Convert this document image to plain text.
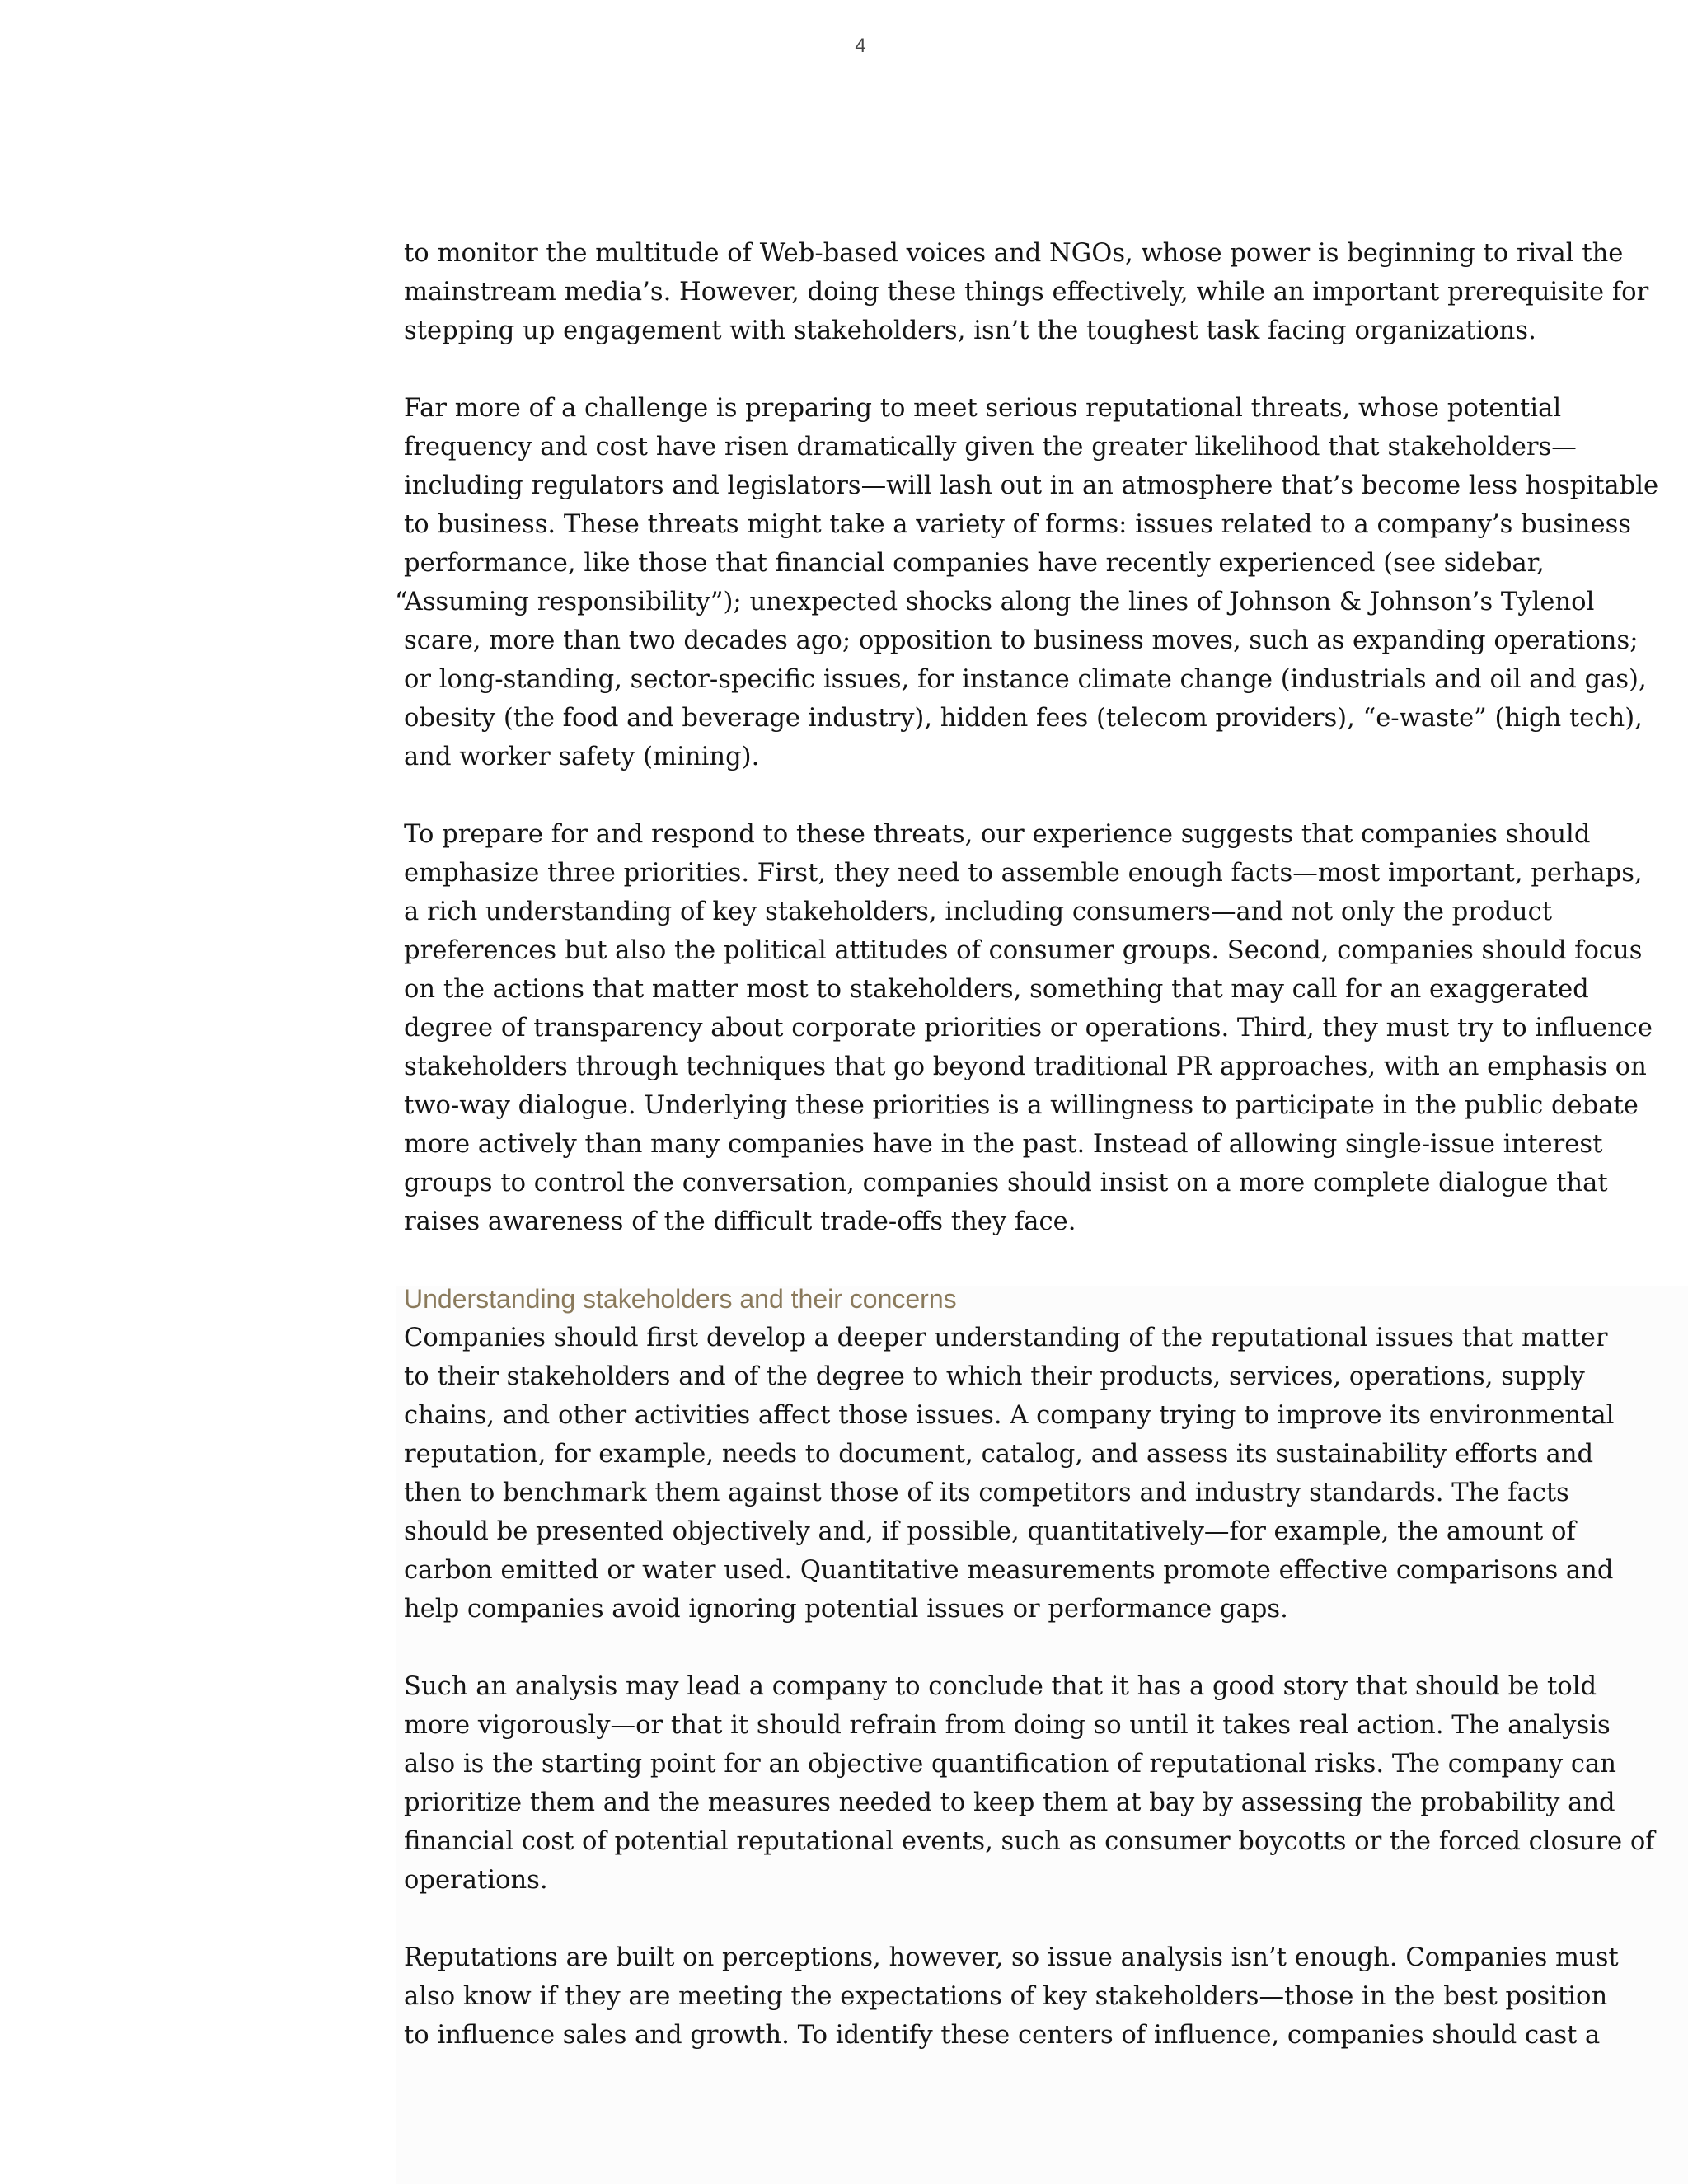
4
to monitor the multitude of Web-based voices and NGOs, whose power is beginning to rival the
mainstream media’s. However, doing these things effectively, while an important prerequisite for
stepping up engagement with stakeholders, isn’t the toughest task facing organizations.
Far more of a challenge is preparing to meet serious reputational threats, whose potential
frequency and cost have risen dramatically given the greater likelihood that stakeholders—
including regulators and legislators—will lash out in an atmosphere that’s become less hospitable
to business. These threats might take a variety of forms: issues related to a company’s business
performance, like those that financial companies have recently experienced (see sidebar,
“Assuming responsibility”); unexpected shocks along the lines of Johnson & Johnson’s Tylenol
scare, more than two decades ago; opposition to business moves, such as expanding operations;
or long-standing, sector-specific issues, for instance climate change (industrials and oil and gas),
obesity (the food and beverage industry), hidden fees (telecom providers), “e-waste” (high tech),
and worker safety (mining).
To prepare for and respond to these threats, our experience suggests that companies should
emphasize three priorities. First, they need to assemble enough facts—most important, perhaps,
a rich understanding of key stakeholders, including consumers—and not only the product
preferences but also the political attitudes of consumer groups. Second, companies should focus
on the actions that matter most to stakeholders, something that may call for an exaggerated
degree of transparency about corporate priorities or operations. Third, they must try to influence
stakeholders through techniques that go beyond traditional PR approaches, with an emphasis on
two-way dialogue. Underlying these priorities is a willingness to participate in the public debate
more actively than many companies have in the past. Instead of allowing single-issue interest
groups to control the conversation, companies should insist on a more complete dialogue that
raises awareness of the difficult trade-offs they face.
Understanding stakeholders and their concerns
Companies should first develop a deeper understanding of the reputational issues that matter
to their stakeholders and of the degree to which their products, services, operations, supply
chains, and other activities affect those issues. A company trying to improve its environmental
reputation, for example, needs to document, catalog, and assess its sustainability efforts and
then to benchmark them against those of its competitors and industry standards. The facts
should be presented objectively and, if possible, quantitatively—for example, the amount of
carbon emitted or water used. Quantitative measurements promote effective comparisons and
help companies avoid ignoring potential issues or performance gaps.
Such an analysis may lead a company to conclude that it has a good story that should be told
more vigorously—or that it should refrain from doing so until it takes real action. The analysis
also is the starting point for an objective quantification of reputational risks. The company can
prioritize them and the measures needed to keep them at bay by assessing the probability and
financial cost of potential reputational events, such as consumer boycotts or the forced closure of
operations.
Reputations are built on perceptions, however, so issue analysis isn’t enough. Companies must
also know if they are meeting the expectations of key stakeholders—those in the best position
to influence sales and growth. To identify these centers of influence, companies should cast a
